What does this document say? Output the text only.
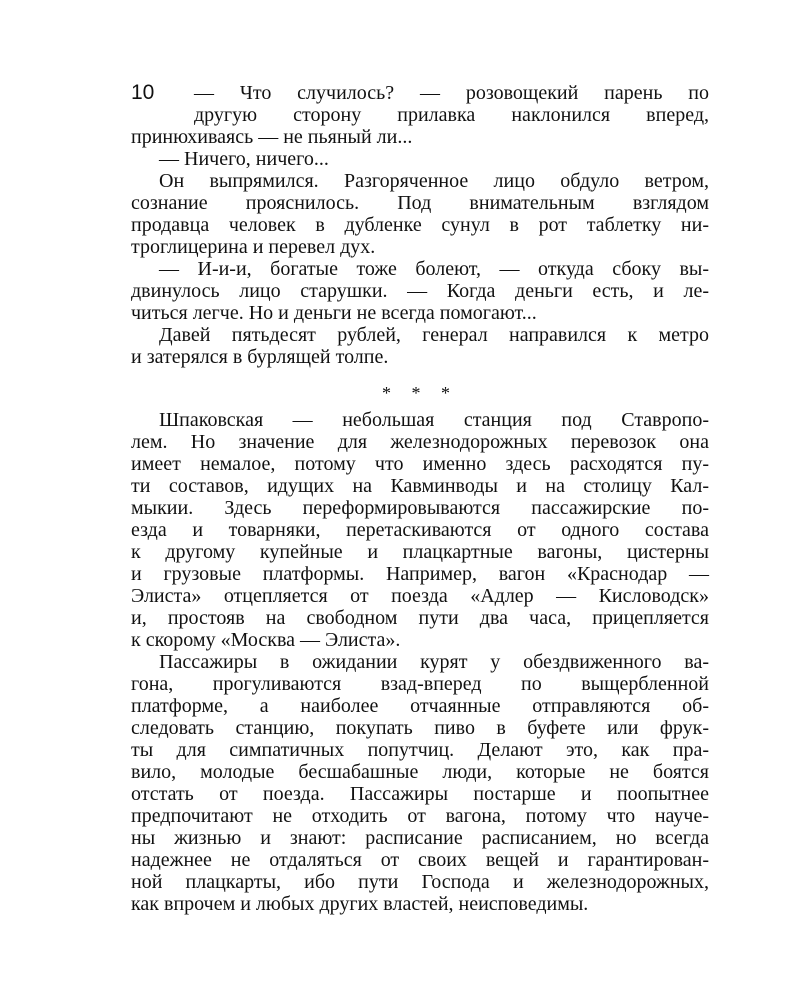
10	— Что случилось? — розовощекий парень по
другую сторону прилавка наклонился вперед,
принюхиваясь — не пьяный ли...
— Ничего, ничего...
Он выпрямился. Разгоряченное лицо обдуло ветром,
сознание прояснилось. Под внимательным взглядом
продавца человек в дубленке сунул в рот таблетку ни-
троглицерина и перевел дух.
— И-и-и, богатые тоже болеют, — откуда сбоку вы-
двинулось лицо старушки. — Когда деньги есть, и ле-
читься легче. Но и деньги не всегда помогают...
Давей пятьдесят рублей, генерал направился к метро
и затерялся в бурлящей толпе.
* * *
Шпаковская — небольшая станция под Ставропо-
лем. Но значение для железнодорожных перевозок она
имеет немалое, потому что именно здесь расходятся пу-
ти составов, идущих на Кавминводы и на столицу Кал-
мыкии. Здесь переформировываются пассажирские по-
езда и товарняки, перетаскиваются от одного состава
к другому купейные и плацкартные вагоны, цистерны
и грузовые платформы. Например, вагон «Краснодар —
Элиста» отцепляется от поезда «Адлер — Кисловодск»
и, простояв на свободном пути два часа, прицепляется
к скорому «Москва — Элиста».
Пассажиры в ожидании курят у обездвиженного ва-
гона, прогуливаются взад-вперед по выщербленной
платформе, а наиболее отчаянные отправляются об-
следовать станцию, покупать пиво в буфете или фрук-
ты для симпатичных попутчиц. Делают это, как пра-
вило, молодые бесшабашные люди, которые не боятся
отстать от поезда. Пассажиры постарше и поопытнее
предпочитают не отходить от вагона, потому что науче-
ны жизнью и знают: расписание расписанием, но всегда
надежнее не отдаляться от своих вещей и гарантирован-
ной плацкарты, ибо пути Господа и железнодорожных,
как впрочем и любых других властей, неисповедимы.
